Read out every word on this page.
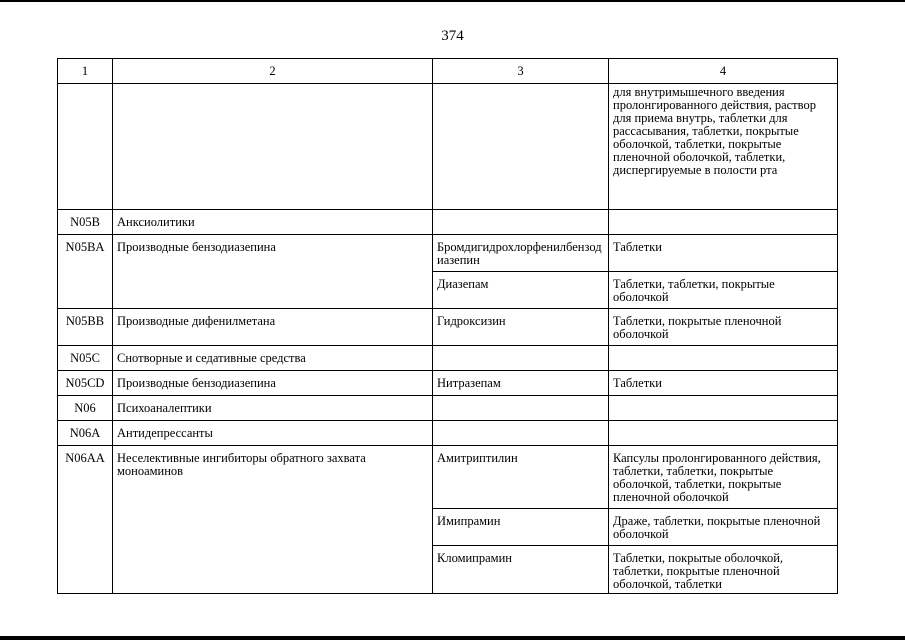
374
1	2	3	4
			для внутримышечного введения пролонгированного действия, раствор для приема внутрь, таблетки для рассасывания, таблетки, покрытые оболочкой, таблетки, покрытые пленочной оболочкой, таблетки, диспергируемые в полости рта
N05B	Анксиолитики		
N05BA	Производные бензодиазепина	Бромдигидрохлорфенилбензодиазепин	Таблетки
		Диазепам	Таблетки, таблетки, покрытые оболочкой
N05BB	Производные дифенилметана	Гидроксизин	Таблетки, покрытые пленочной оболочкой
N05C	Снотворные и седативные средства		
N05CD	Производные бензодиазепина	Нитразепам	Таблетки
N06	Психоаналептики		
N06A	Антидепрессанты		
N06AA	Неселективные ингибиторы обратного захвата моноаминов	Амитриптилин	Капсулы пролонгированного действия, таблетки, таблетки, покрытые оболочкой, таблетки, покрытые пленочной оболочкой
		Имипрамин	Драже, таблетки, покрытые пленочной оболочкой
		Кломипрамин	Таблетки, покрытые оболочкой, таблетки, покрытые пленочной оболочкой, таблетки
